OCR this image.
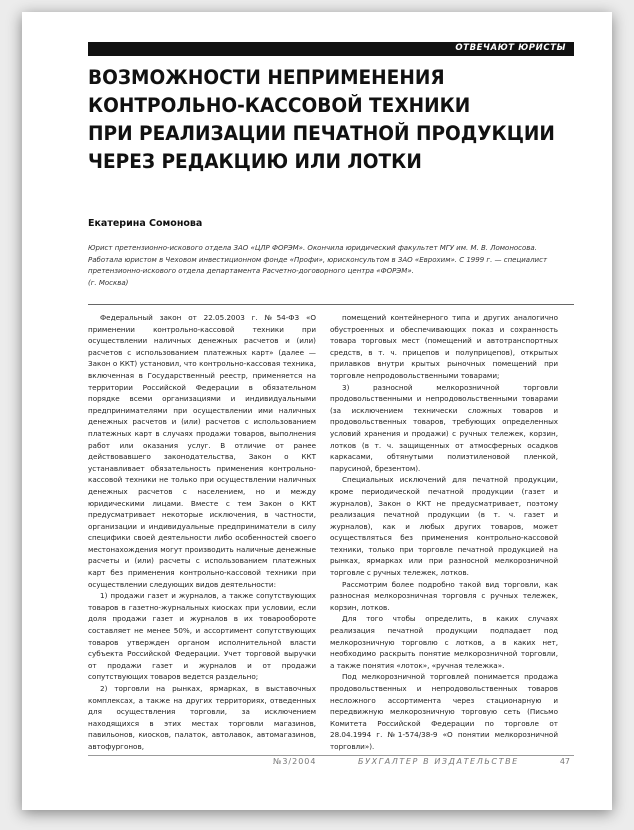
ОТВЕЧАЮТ ЮРИСТЫ
ВОЗМОЖНОСТИ НЕПРИМЕНЕНИЯ
КОНТРОЛЬНО-КАССОВОЙ ТЕХНИКИ
ПРИ РЕАЛИЗАЦИИ ПЕЧАТНОЙ ПРОДУКЦИИ
ЧЕРЕЗ РЕДАКЦИЮ ИЛИ ЛОТКИ
Екатерина Сомонова
Юрист претензионно-искового отдела ЗАО «ЦЛР ФОРЭМ». Окончила юридический факультет МГУ им. М. В. Ломоносова.
Работала юристом в Чеховом инвестиционном фонде «Профи», юрисконсультом в ЗАО «Еврохим». С 1999 г. — специалист
претензионно-искового отдела департамента Расчетно-договорного центра «ФОРЭМ».
(г. Москва)

Федеральный закон от 22.05.2003 г. №54-ФЗ «О применении контрольно-кассовой техники при осуществлении наличных денежных расчетов и (или) расчетов с использованием платежных карт» (далее — Закон о ККТ) установил, что контрольно-кассовая техника, включенная в Государственный реестр, применяется на территории Российской Федерации в обязательном порядке всеми организациями и индивидуальными предпринимателями при осуществлении ими наличных денежных расчетов и (или) расчетов с использованием платежных карт в случаях продажи товаров, выполнения работ или оказания услуг. В отличие от ранее действовавшего законодательства, Закон о ККТ устанавливает обязательность применения контрольно-кассовой техники не только при осуществлении наличных денежных расчетов с населением, но и между юридическими лицами. Вместе с тем Закон о ККТ предусматривает некоторые исключения, в частности, организации и индивидуальные предприниматели в силу специфики своей деятельности либо особенностей своего местонахождения могут производить наличные денежные расчеты и (или) расчеты с использованием платежных карт без применения контрольно-кассовой техники при осуществлении следующих видов деятельности:

1) продажи газет и журналов, а также сопутствующих товаров в газетно-журнальных киосках при условии, если доля продажи газет и журналов в их товарообороте составляет не менее 50%, и ассортимент сопутствующих товаров утвержден органом исполнительной власти субъекта Российской Федерации. Учет торговой выручки от продажи газет и журналов и от продажи сопутствующих товаров ведется раздельно;

2) торговли на рынках, ярмарках, в выставочных комплексах, а также на других территориях, отведенных для осуществления торговли, за исключением находящихся в этих местах торговли магазинов, павильонов, киосков, палаток, автолавок, автомагазинов, автофургонов,

помещений контейнерного типа и других аналогично обустроенных и обеспечивающих показ и сохранность товара торговых мест (помещений и автотранспортных средств, в т. ч. прицепов и полуприцепов), открытых прилавков внутри крытых рыночных помещений при торговле непродовольственными товарами;

3) разносной мелкорозничной торговли продовольственными и непродовольственными товарами (за исключением технически сложных товаров и продовольственных товаров, требующих определенных условий хранения и продажи) с ручных тележек, корзин, лотков (в т. ч. защищенных от атмосферных осадков каркасами, обтянутыми полиэтиленовой пленкой, парусиной, брезентом).

Специальных исключений для печатной продукции, кроме периодической печатной продукции (газет и журналов), Закон о ККТ не предусматривает, поэтому реализация печатной продукции (в т. ч. газет и журналов), как и любых других товаров, может осуществляться без применения контрольно-кассовой техники, только при торговле печатной продукцией на рынках, ярмарках или при разносной мелкорозничной торговле с ручных тележек, лотков.

Рассмотрим более подробно такой вид торговли, как разносная мелкорозничная торговля с ручных тележек, корзин, лотков.

Для того чтобы определить, в каких случаях реализация печатной продукции подпадает под мелкорозничную торговлю с лотков, а в каких нет, необходимо раскрыть понятие мелкорозничной торговли, а также понятия «лоток», «ручная тележка».

Под мелкорозничной торговлей понимается продажа продовольственных и непродовольственных товаров несложного ассортимента через стационарную и передвижную мелкорозничную торговую сеть (Письмо Комитета Российской Федерации по торговле от 28.04.1994 г. №1-574/38-9 «О понятии мелкорозничной торговли»).

№3/2004	БУХГАЛТЕР В ИЗДАТЕЛЬСТВЕ	47
